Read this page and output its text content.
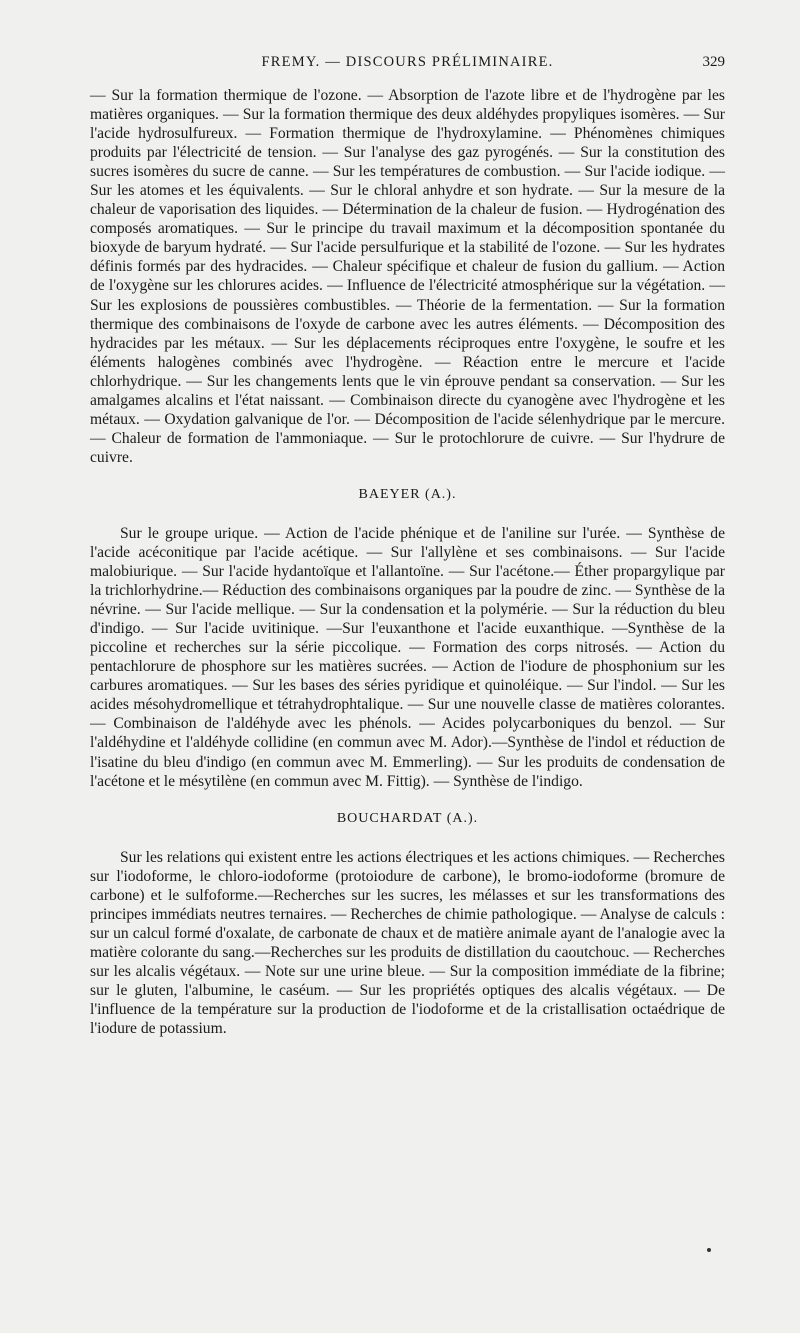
FREMY. — DISCOURS PRÉLIMINAIRE.	329

— Sur la formation thermique de l'ozone. — Absorption de l'azote libre et de l'hydrogène par les matières organiques. — Sur la formation thermique des deux aldéhydes propyliques isomères. — Sur l'acide hydrosulfureux. — Formation thermique de l'hydroxylamine. — Phénomènes chimiques produits par l'électricité de tension. — Sur l'analyse des gaz pyrogénés. — Sur la constitution des sucres isomères du sucre de canne. — Sur les températures de combustion. — Sur l'acide iodique. — Sur les atomes et les équivalents. — Sur le chloral anhydre et son hydrate. — Sur la mesure de la chaleur de vaporisation des liquides. — Détermination de la chaleur de fusion. — Hydrogénation des composés aromatiques. — Sur le principe du travail maximum et la décomposition spontanée du bioxyde de baryum hydraté. — Sur l'acide persulfurique et la stabilité de l'ozone. — Sur les hydrates définis formés par des hydracides. — Chaleur spécifique et chaleur de fusion du gallium. — Action de l'oxygène sur les chlorures acides. — Influence de l'électricité atmosphérique sur la végétation. — Sur les explosions de poussières combustibles. — Théorie de la fermentation. — Sur la formation thermique des combinaisons de l'oxyde de carbone avec les autres éléments. — Décomposition des hydracides par les métaux. — Sur les déplacements réciproques entre l'oxygène, le soufre et les éléments halogènes combinés avec l'hydrogène. — Réaction entre le mercure et l'acide chlorhydrique. — Sur les changements lents que le vin éprouve pendant sa conservation. — Sur les amalgames alcalins et l'état naissant. — Combinaison directe du cyanogène avec l'hydrogène et les métaux. — Oxydation galvanique de l'or. — Décomposition de l'acide sélenhydrique par le mercure. — Chaleur de formation de l'ammoniaque. — Sur le protochlorure de cuivre. — Sur l'hydrure de cuivre.

BAEYER (A.).

Sur le groupe urique. — Action de l'acide phénique et de l'aniline sur l'urée. — Synthèse de l'acide acéconitique par l'acide acétique. — Sur l'allylène et ses combinaisons. — Sur l'acide malobiurique. — Sur l'acide hydantoïque et l'allantoïne. — Sur l'acétone.— Éther propargylique par la trichlorhydrine.— Réduction des combinaisons organiques par la poudre de zinc. — Synthèse de la névrine. — Sur l'acide mellique. — Sur la condensation et la polymérie. — Sur la réduction du bleu d'indigo. — Sur l'acide uvitinique. —Sur l'euxanthone et l'acide euxanthique. —Synthèse de la piccoline et recherches sur la série piccolique. — Formation des corps nitrosés. — Action du pentachlorure de phosphore sur les matières sucrées. — Action de l'iodure de phosphonium sur les carbures aromatiques. — Sur les bases des séries pyridique et quinoléique. — Sur l'indol. — Sur les acides mésohydromellique et tétrahydrophtalique. — Sur une nouvelle classe de matières colorantes. — Combinaison de l'aldéhyde avec les phénols. — Acides polycarboniques du benzol. — Sur l'aldéhydine et l'aldéhyde collidine (en commun avec M. Ador).—Synthèse de l'indol et réduction de l'isatine du bleu d'indigo (en commun avec M. Emmerling). — Sur les produits de condensation de l'acétone et le mésytilène (en commun avec M. Fittig). — Synthèse de l'indigo.

BOUCHARDAT (A.).

Sur les relations qui existent entre les actions électriques et les actions chimiques. — Recherches sur l'iodoforme, le chloro-iodoforme (protoiodure de carbone), le bromo-iodoforme (bromure de carbone) et le sulfoforme.—Recherches sur les sucres, les mélasses et sur les transformations des principes immédiats neutres ternaires. — Recherches de chimie pathologique. — Analyse de calculs : sur un calcul formé d'oxalate, de carbonate de chaux et de matière animale ayant de l'analogie avec la matière colorante du sang.—Recherches sur les produits de distillation du caoutchouc. — Recherches sur les alcalis végétaux. — Note sur une urine bleue. — Sur la composition immédiate de la fibrine; sur le gluten, l'albumine, le caséum. — Sur les propriétés optiques des alcalis végétaux. — De l'influence de la température sur la production de l'iodoforme et de la cristallisation octaédrique de l'iodure de potassium.
